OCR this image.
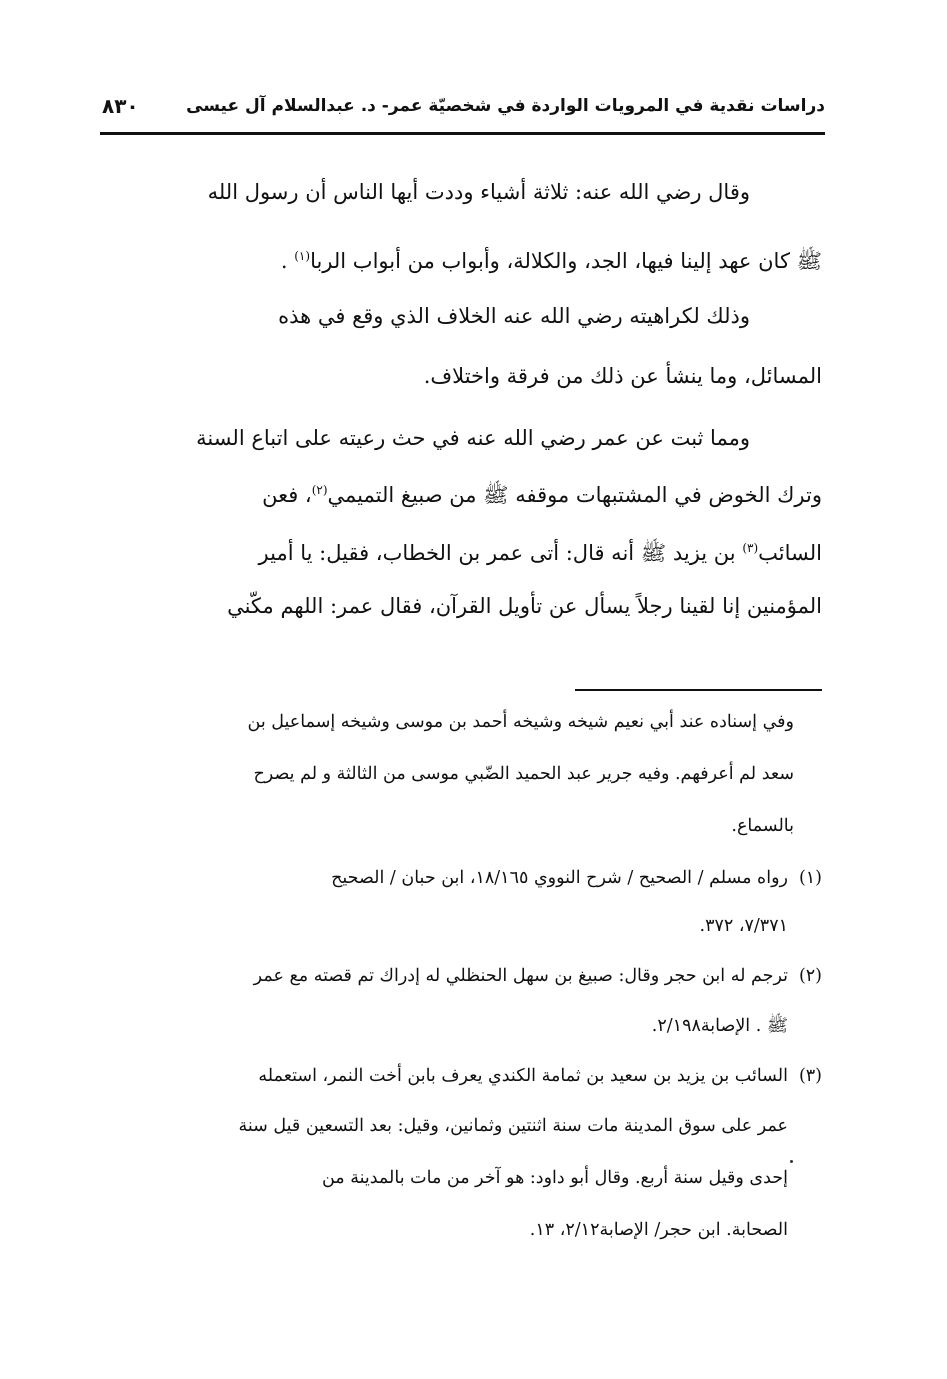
دراسات نقدية في المرويات الواردة في شخصيّة عمر- د. عبدالسلام آل عيسى
٨٣٠
وقال رضي الله عنه: ثلاثة أشياء وددت أيها الناس أن رسول الله
ﷺ كان عهد إلينا فيها، الجد، والكلالة، وأبواب من أبواب الربا$^{(١)}$ .
وذلك لكراهيته رضي الله عنه الخلاف الذي وقع في هذه
المسائل، وما ينشأ عن ذلك من فرقة واختلاف.
ومما ثبت عن عمر رضي الله عنه في حث رعيته على اتباع السنة
وترك الخوض في المشتبهات موقفه ﷺ من صبيغ التميمي$^{(٢)}$، فعن
السائب$^{(٣)}$ بن يزيد ﷺ أنه قال: أتى عمر بن الخطاب، فقيل: يا أمير
المؤمنين إنا لقينا رجلاً يسأل عن تأويل القرآن، فقال عمر: اللهم مكّني
وفي إسناده عند أبي نعيم شيخه وشيخه أحمد بن موسى وشيخه إسماعيل بن
سعد لم أعرفهم. وفيه جرير عبد الحميد الضّبي موسى من الثالثة و لم يصرح
بالسماع.
(١)
رواه مسلم / الصحيح / شرح النووي ١٨/١٦٥، ابن حبان / الصحيح
٧/٣٧١، ٣٧٢.
(٢)
ترجم له ابن حجر وقال: صبيغ بن سهل الحنظلي له إدراك تم قصته مع عمر
ﷺ . الإصابة٢/١٩٨.
(٣)
السائب بن يزيد بن سعيد بن ثمامة الكندي يعرف بابن أخت النمر، استعمله
عمر على سوق المدينة مات سنة اثنتين وثمانين، وقيل: بعد التسعين قيل سنة
إحدى وقيل سنة أربع. وقال أبو داود: هو آخر من مات بالمدينة من
الصحابة. ابن حجر/ الإصابة٢/١٢، ١٣.
